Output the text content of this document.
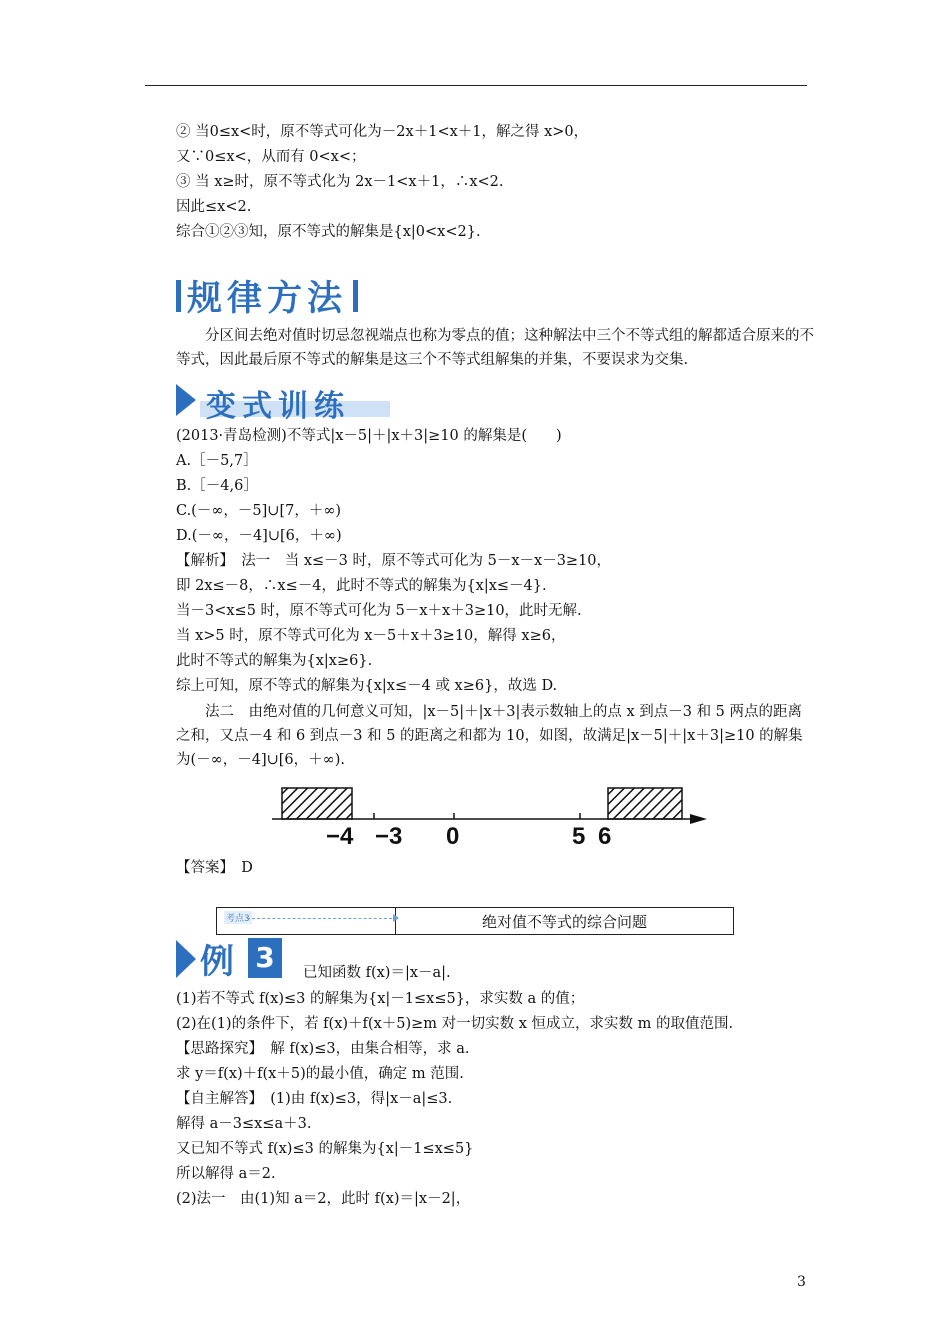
② 当0≤x<时，原不等式可化为－2x＋1<x＋1，解之得 x>0，
又∵0≤x<，从而有 0<x<；
③ 当 x≥时，原不等式化为 2x－1<x＋1，∴x<2.
因此≤x<2.
综合①②③知，原不等式的解集是{x|0<x<2}.
规律方法
分区间去绝对值时切忌忽视端点也称为零点的值；这种解法中三个不等式组的解都适合原来的不等式，因此最后原不等式的解集是这三个不等式组解集的并集，不要误求为交集.
变式训练
(2013·青岛检测)不等式|x－5|＋|x＋3|≥10 的解集是(　　)
A.［－5,7］
B.［－4,6］
C.(－∞，－5]∪[7，＋∞)
D.(－∞，－4]∪[6，＋∞)
【解析】　法一　当 x≤－3 时，原不等式可化为 5－x－x－3≥10，
即 2x≤－8，∴x≤－4，此时不等式的解集为{x|x≤－4}.
当－3<x≤5 时，原不等式可化为 5－x＋x＋3≥10，此时无解.
当 x>5 时，原不等式可化为 x－5＋x＋3≥10，解得 x≥6，
此时不等式的解集为{x|x≥6}.
综上可知，原不等式的解集为{x|x≤－4 或 x≥6}，故选 D.
法二　由绝对值的几何意义可知，|x－5|＋|x＋3|表示数轴上的点 x 到点－3 和 5 两点的距离之和，又点－4 和 6 到点－3 和 5 的距离之和都为 10，如图，故满足|x－5|＋|x＋3|≥10 的解集为(－∞，－4]∪[6，＋∞).
−4 −3 0	5 6
【答案】　D
考点3	绝对值不等式的综合问题
例 3	已知函数 f(x)＝|x－a|.
(1)若不等式 f(x)≤3 的解集为{x|－1≤x≤5}，求实数 a 的值；
(2)在(1)的条件下，若 f(x)＋f(x＋5)≥m 对一切实数 x 恒成立，求实数 m 的取值范围.
【思路探究】　解 f(x)≤3，由集合相等，求 a.
求 y＝f(x)＋f(x＋5)的最小值，确定 m 范围.
【自主解答】　(1)由 f(x)≤3，得|x－a|≤3.
解得 a－3≤x≤a＋3.
又已知不等式 f(x)≤3 的解集为{x|－1≤x≤5}
所以解得 a＝2.
(2)法一　由(1)知 a＝2，此时 f(x)＝|x－2|，
3
